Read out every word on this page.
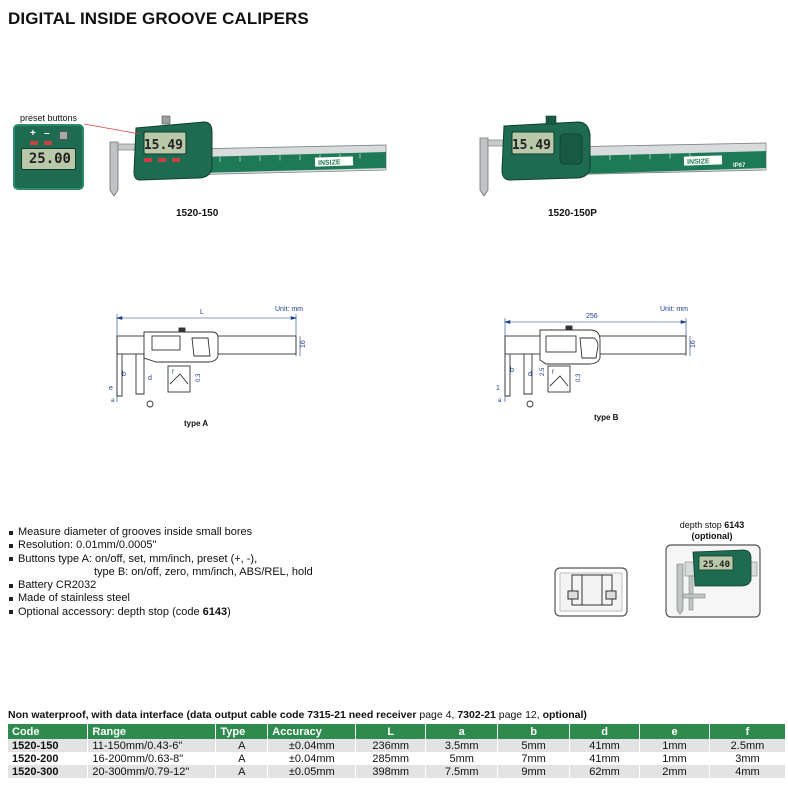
DIGITAL INSIDE GROOVE CALIPERS
INSIZE
15.49
1520-150
preset buttons
+ –
25.00	INSIZE	IP67
15.49
1520-150P
L
16
b
d
e
a
f
0.3
Unit: mm
type A
256
16
d 2.5
b
1
a
f
0.3
Unit: mm
type B
Measure diameter of grooves inside small bores
Resolution: 0.01mm/0.0005"
Buttons type A: on/off, set, mm/inch, preset (+, -),
type B: on/off, zero, mm/inch, ABS/REL, hold
Battery CR2032
Made of stainless steel
Optional accessory: depth stop (code 6143)
depth stop 6143
(optional)
25.40
Non waterproof, with data interface (data output cable code 7315-21 need receiver page 4, 7302-21 page 12, optional)
Code	Range	Type	Accuracy	L	a	b	d	e	f
1520-150	11-150mm/0.43-6"	A	±0.04mm	236mm	3.5mm	5mm	41mm	1mm	2.5mm
1520-200	16-200mm/0.63-8"	A	±0.04mm	285mm	5mm	7mm	41mm	1mm	3mm
1520-300	20-300mm/0.79-12"	A	±0.05mm	398mm	7.5mm	9mm	62mm	2mm	4mm
